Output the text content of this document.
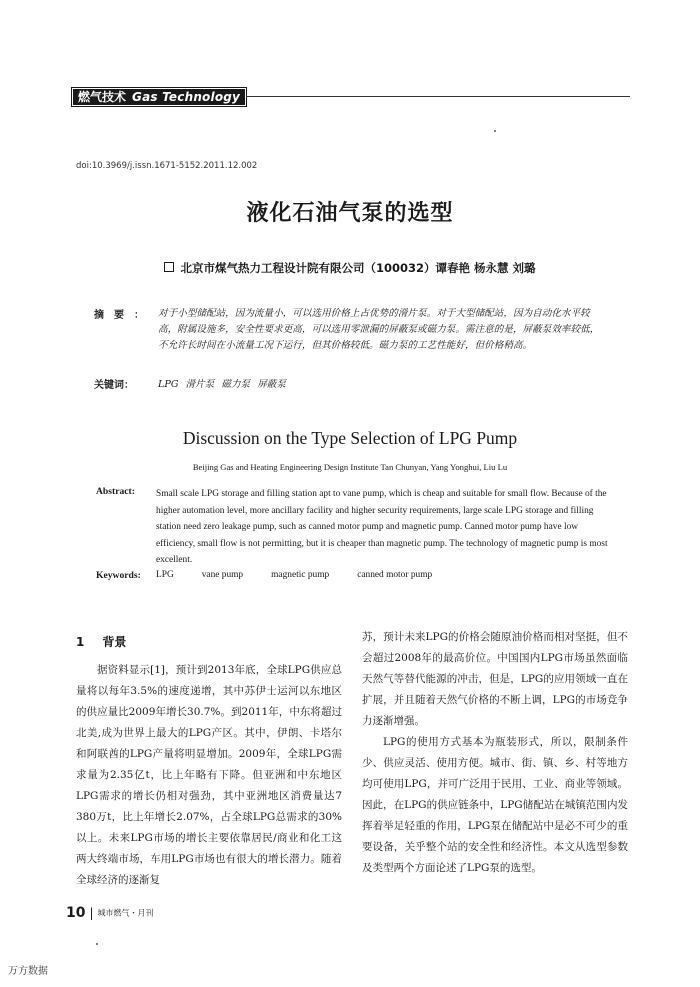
燃气技术 Gas Technology
doi:10.3969/j.issn.1671-5152.2011.12.002
液化石油气泵的选型
北京市煤气热力工程设计院有限公司（100032）谭春艳 杨永慧 刘璐
摘要： 对于小型储配站，因为流量小，可以选用价格上占优势的滑片泵。对于大型储配站，因为自动化水平较高，附属设施多，安全性要求更高，可以选用零泄漏的屏蔽泵或磁力泵。需注意的是，屏蔽泵效率较低，不允许长时间在小流量工况下运行，但其价格较低。磁力泵的工艺性能好，但价格稍高。
关键词：	LPG 滑片泵 磁力泵 屏蔽泵
Discussion on the Type Selection of LPG Pump
Beijing Gas and Heating Engineering Design Institute Tan Chunyan, Yang Yonghui, Liu Lu
Abstract: Small scale LPG storage and filling station apt to vane pump, which is cheap and suitable for small flow. Because of the higher automation level, more ancillary facility and higher security requirements, large scale LPG storage and filling station need zero leakage pump, such as canned motor pump and magnetic pump. Canned motor pump have low efficiency, small flow is not permitting, but it is cheaper than magnetic pump. The technology of magnetic pump is most excellent.
Keywords: LPG	vane pump	magnetic pump	canned motor pump
1 背景

据资料显示[1]，预计到2013年底，全球LPG供应总量将以每年3.5%的速度递增，其中苏伊士运河以东地区的供应量比2009年增长30.7%。到2011年，中东将超过北美,成为世界上最大的LPG产区。其中，伊朗、卡塔尔和阿联酋的LPG产量将明显增加。2009年，全球LPG需求量为2.35亿t，比上年略有下降。但亚洲和中东地区LPG需求的增长仍相对强劲，其中亚洲地区消费量达7 380万t，比上年增长2.07%，占全球LPG总需求的30%以上。未来LPG市场的增长主要依靠居民/商业和化工这两大终端市场，车用LPG市场也有很大的增长潜力。随着全球经济的逐渐复

苏，预计未来LPG的价格会随原油价格而相对坚挺，但不会超过2008年的最高价位。中国国内LPG市场虽然面临天然气等替代能源的冲击，但是，LPG的应用领域一直在扩展，并且随着天然气价格的不断上调，LPG的市场竞争力逐渐增强。

LPG的使用方式基本为瓶装形式，所以，限制条件少、供应灵活、使用方便。城市、街、镇、乡、村等地方均可使用LPG，并可广泛用于民用、工业、商业等领域。因此，在LPG的供应链条中，LPG储配站在城镇范围内发挥着举足轻重的作用，LPG泵在储配站中是必不可少的重要设备，关乎整个站的安全性和经济性。本文从选型参数及类型两个方面论述了LPG泵的选型。

10 | 城市燃气・月刊
万方数据
